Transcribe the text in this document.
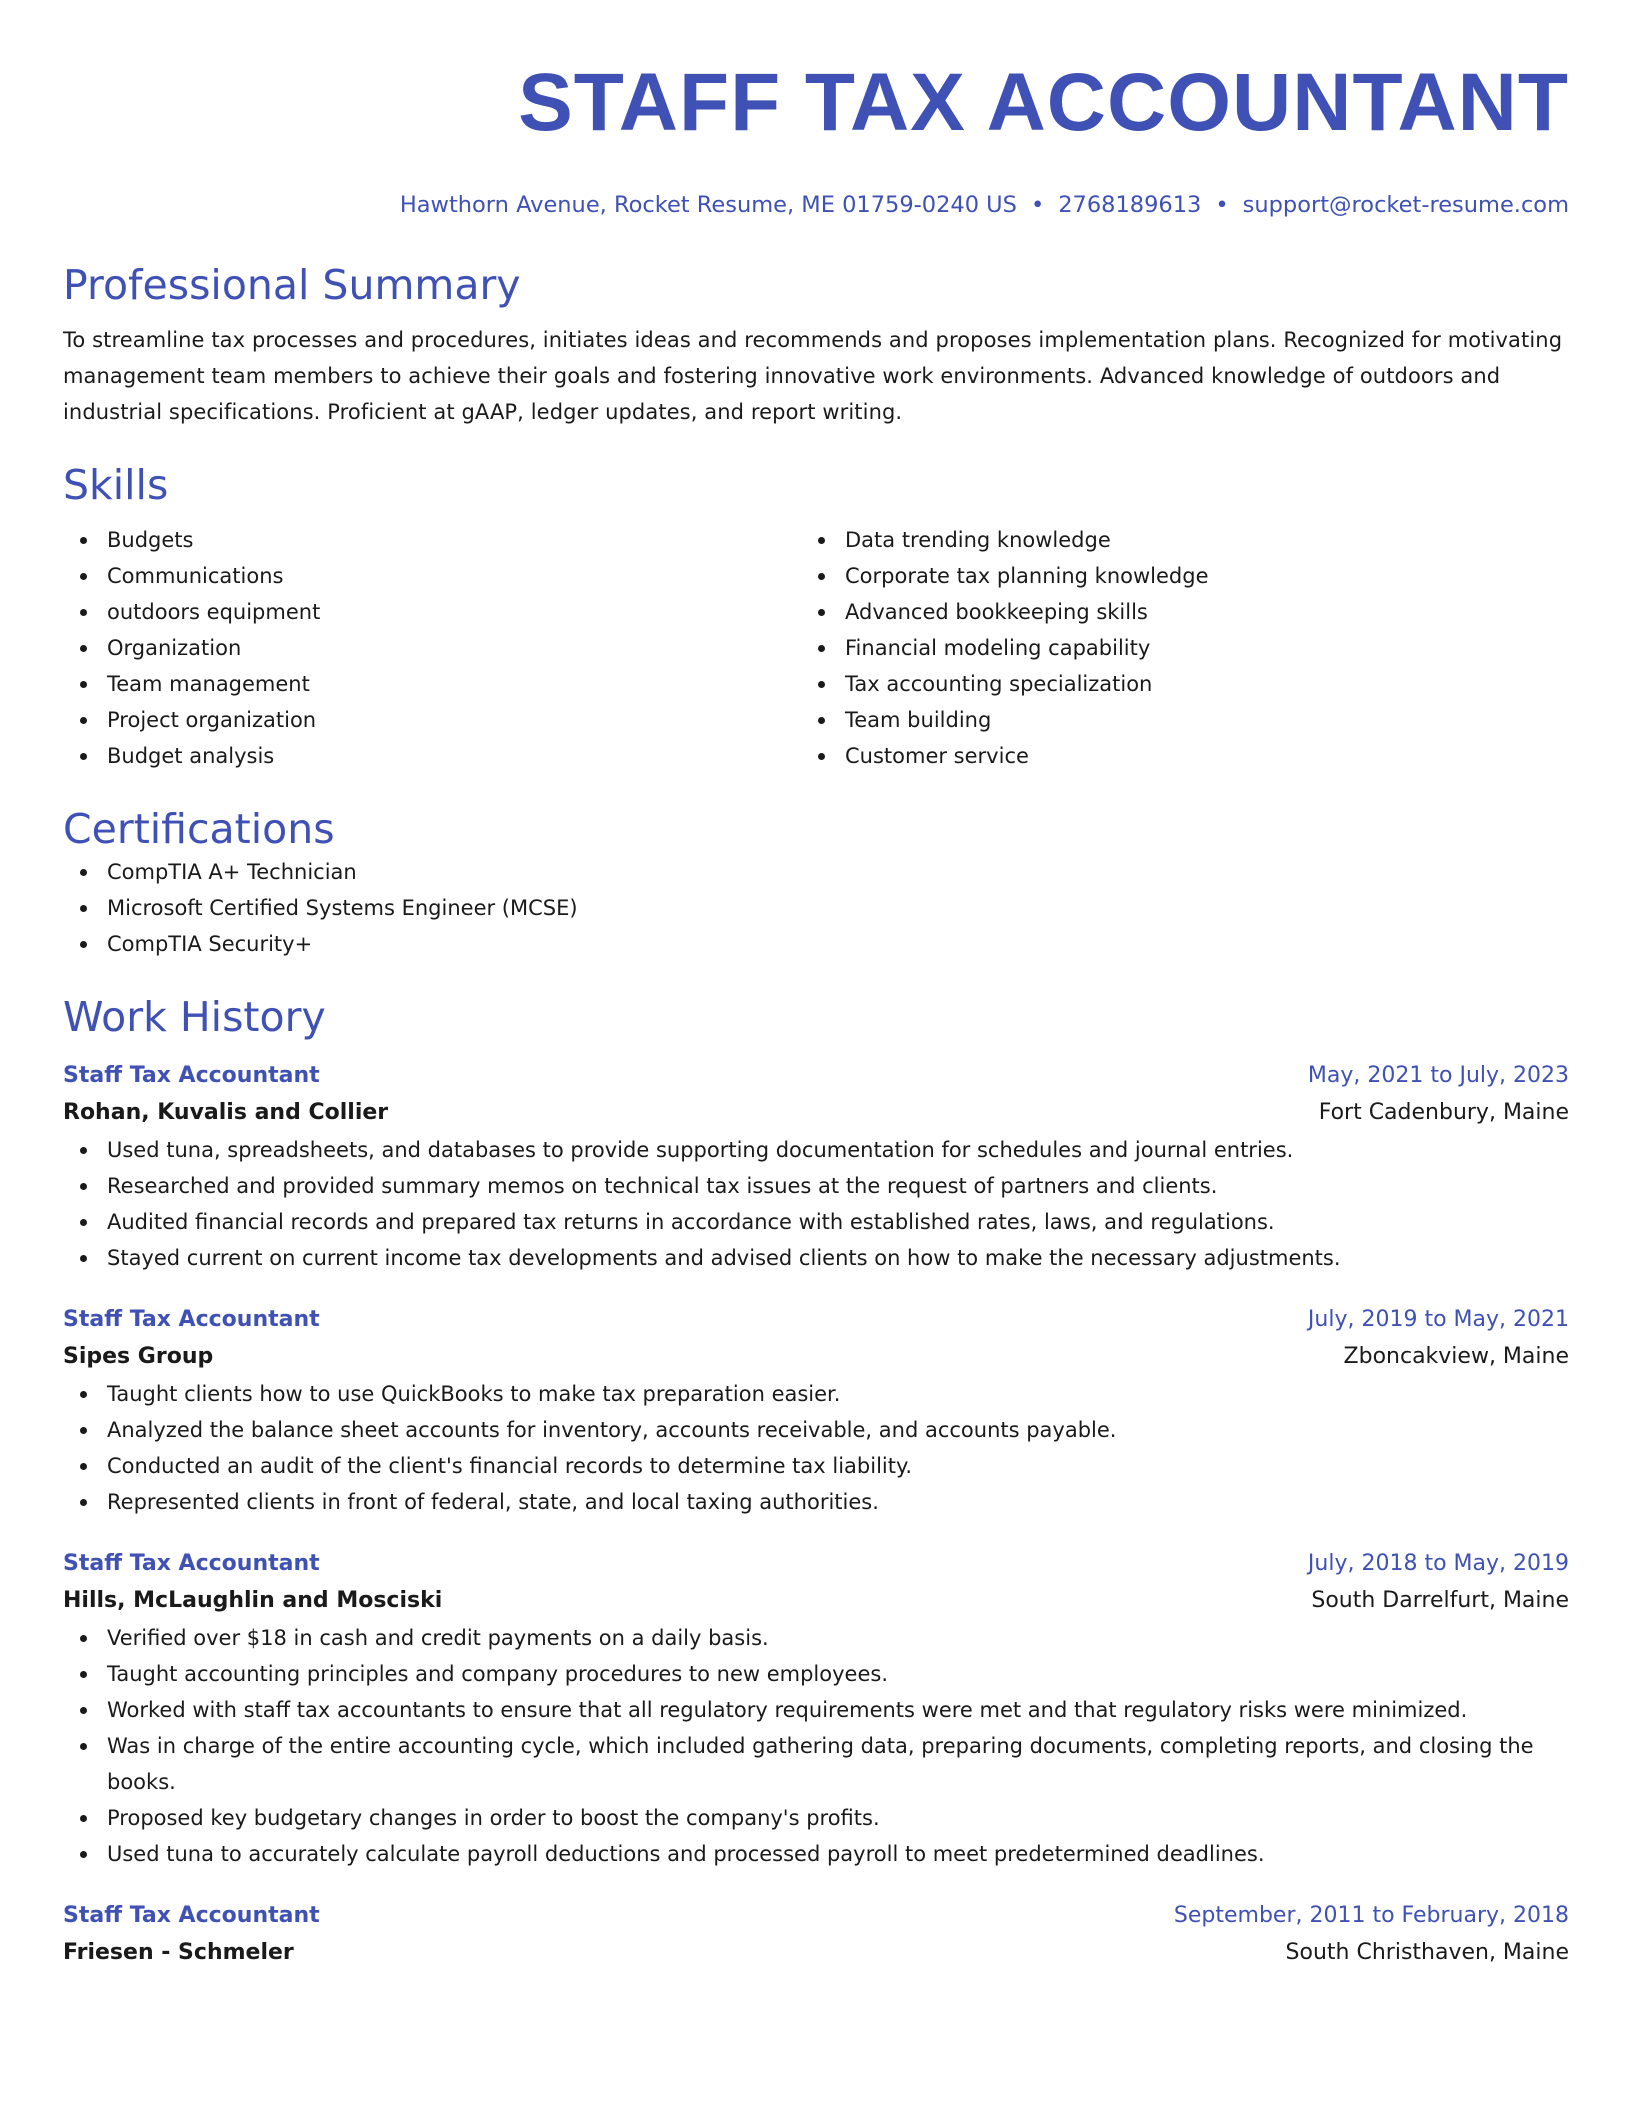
STAFF TAX ACCOUNTANT
Hawthorn Avenue, Rocket Resume, ME 01759-0240 US • 2768189613 • support@rocket-resume.com
Professional Summary

To streamline tax processes and procedures, initiates ideas and recommends and proposes implementation plans. Recognized for motivating management team members to achieve their goals and fostering innovative work environments. Advanced knowledge of outdoors and industrial specifications. Proficient at gAAP, ledger updates, and report writing.

Skills
Budgets
Communications
outdoors equipment
Organization
Team management
Project organization
Budget analysis
Data trending knowledge
Corporate tax planning knowledge
Advanced bookkeeping skills
Financial modeling capability
Tax accounting specialization
Team building
Customer service
Certifications
CompTIA A+ Technician
Microsoft Certified Systems Engineer (MCSE)
CompTIA Security+
Work History
Staff Tax Accountant	May, 2021 to July, 2023
Rohan, Kuvalis and Collier	Fort Cadenbury, Maine
Used tuna, spreadsheets, and databases to provide supporting documentation for schedules and journal entries.
Researched and provided summary memos on technical tax issues at the request of partners and clients.
Audited financial records and prepared tax returns in accordance with established rates, laws, and regulations.
Stayed current on current income tax developments and advised clients on how to make the necessary adjustments.
Staff Tax Accountant	July, 2019 to May, 2021
Sipes Group	Zboncakview, Maine
Taught clients how to use QuickBooks to make tax preparation easier.
Analyzed the balance sheet accounts for inventory, accounts receivable, and accounts payable.
Conducted an audit of the client's financial records to determine tax liability.
Represented clients in front of federal, state, and local taxing authorities.
Staff Tax Accountant	July, 2018 to May, 2019
Hills, McLaughlin and Mosciski	South Darrelfurt, Maine
Verified over $18 in cash and credit payments on a daily basis.
Taught accounting principles and company procedures to new employees.
Worked with staff tax accountants to ensure that all regulatory requirements were met and that regulatory risks were minimized.
Was in charge of the entire accounting cycle, which included gathering data, preparing documents, completing reports, and closing the books.
Proposed key budgetary changes in order to boost the company's profits.
Used tuna to accurately calculate payroll deductions and processed payroll to meet predetermined deadlines.
Staff Tax Accountant	September, 2011 to February, 2018
Friesen - Schmeler	South Christhaven, Maine
